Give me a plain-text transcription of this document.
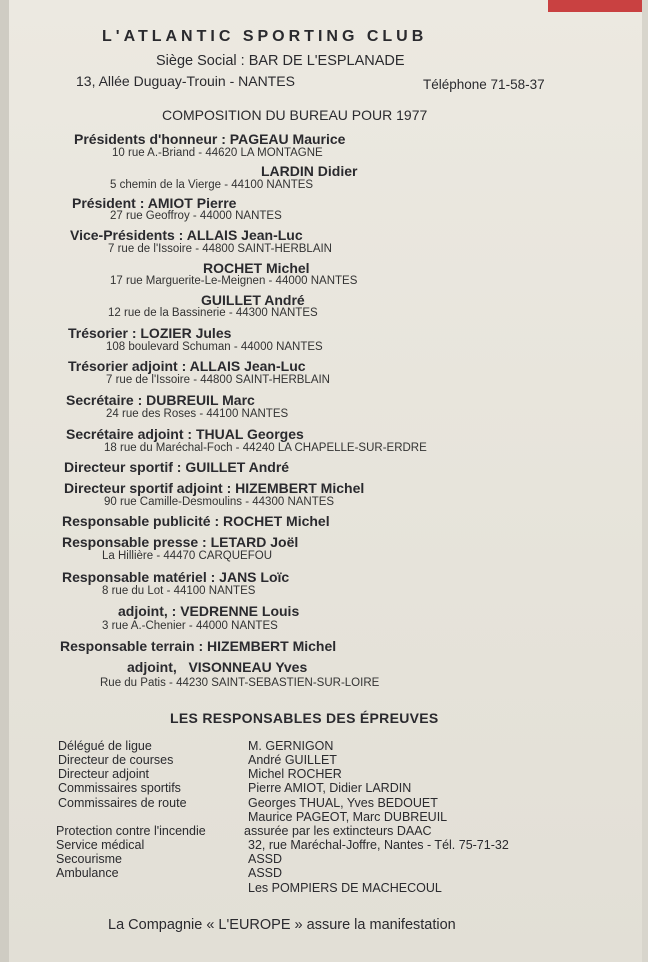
L'ATLANTIC SPORTING CLUB
Siège Social : BAR DE L'ESPLANADE
13, Allée Duguay-Trouin - NANTES	Téléphone 71-58-37
COMPOSITION DU BUREAU POUR 1977
Présidents d'honneur : PAGEAU Maurice
10 rue A.-Briand - 44620 LA MONTAGNE
LARDIN Didier
5 chemin de la Vierge - 44100 NANTES
Président : AMIOT Pierre
27 rue Geoffroy - 44000 NANTES
Vice-Présidents : ALLAIS Jean-Luc
7 rue de l'Issoire - 44800 SAINT-HERBLAIN
ROCHET Michel
17 rue Marguerite-Le-Meignen - 44000 NANTES
GUILLET André
12 rue de la Bassinerie - 44300 NANTES
Trésorier : LOZIER Jules
108 boulevard Schuman - 44000 NANTES
Trésorier adjoint : ALLAIS Jean-Luc
7 rue de l'Issoire - 44800 SAINT-HERBLAIN
Secrétaire : DUBREUIL Marc
24 rue des Roses - 44100 NANTES
Secrétaire adjoint : THUAL Georges
18 rue du Maréchal-Foch - 44240 LA CHAPELLE-SUR-ERDRE
Directeur sportif : GUILLET André
Directeur sportif adjoint : HIZEMBERT Michel
90 rue Camille-Desmoulins - 44300 NANTES
Responsable publicité : ROCHET Michel
Responsable presse : LETARD Joël
La Hillière - 44470 CARQUEFOU
Responsable matériel : JANS Loïc
8 rue du Lot - 44100 NANTES
adjoint, : VEDRENNE Louis
3 rue A.-Chenier - 44000 NANTES
Responsable terrain : HIZEMBERT Michel
adjoint, VISONNEAU Yves
Rue du Patis - 44230 SAINT-SEBASTIEN-SUR-LOIRE
LES RESPONSABLES DES ÉPREUVES
Délégué de ligue	M. GERNIGON
Directeur de courses	André GUILLET
Directeur adjoint	Michel ROCHER
Commissaires sportifs	Pierre AMIOT, Didier LARDIN
Commissaires de route	Georges THUAL, Yves BEDOUET
Maurice PAGEOT, Marc DUBREUIL
Protection contre l'incendie	assurée par les extincteurs DAAC
Service médical	32, rue Maréchal-Joffre, Nantes - Tél. 75-71-32
Secourisme	ASSD
Ambulance	ASSD
Les POMPIERS DE MACHECOUL
La Compagnie « L'EUROPE » assure la manifestation
